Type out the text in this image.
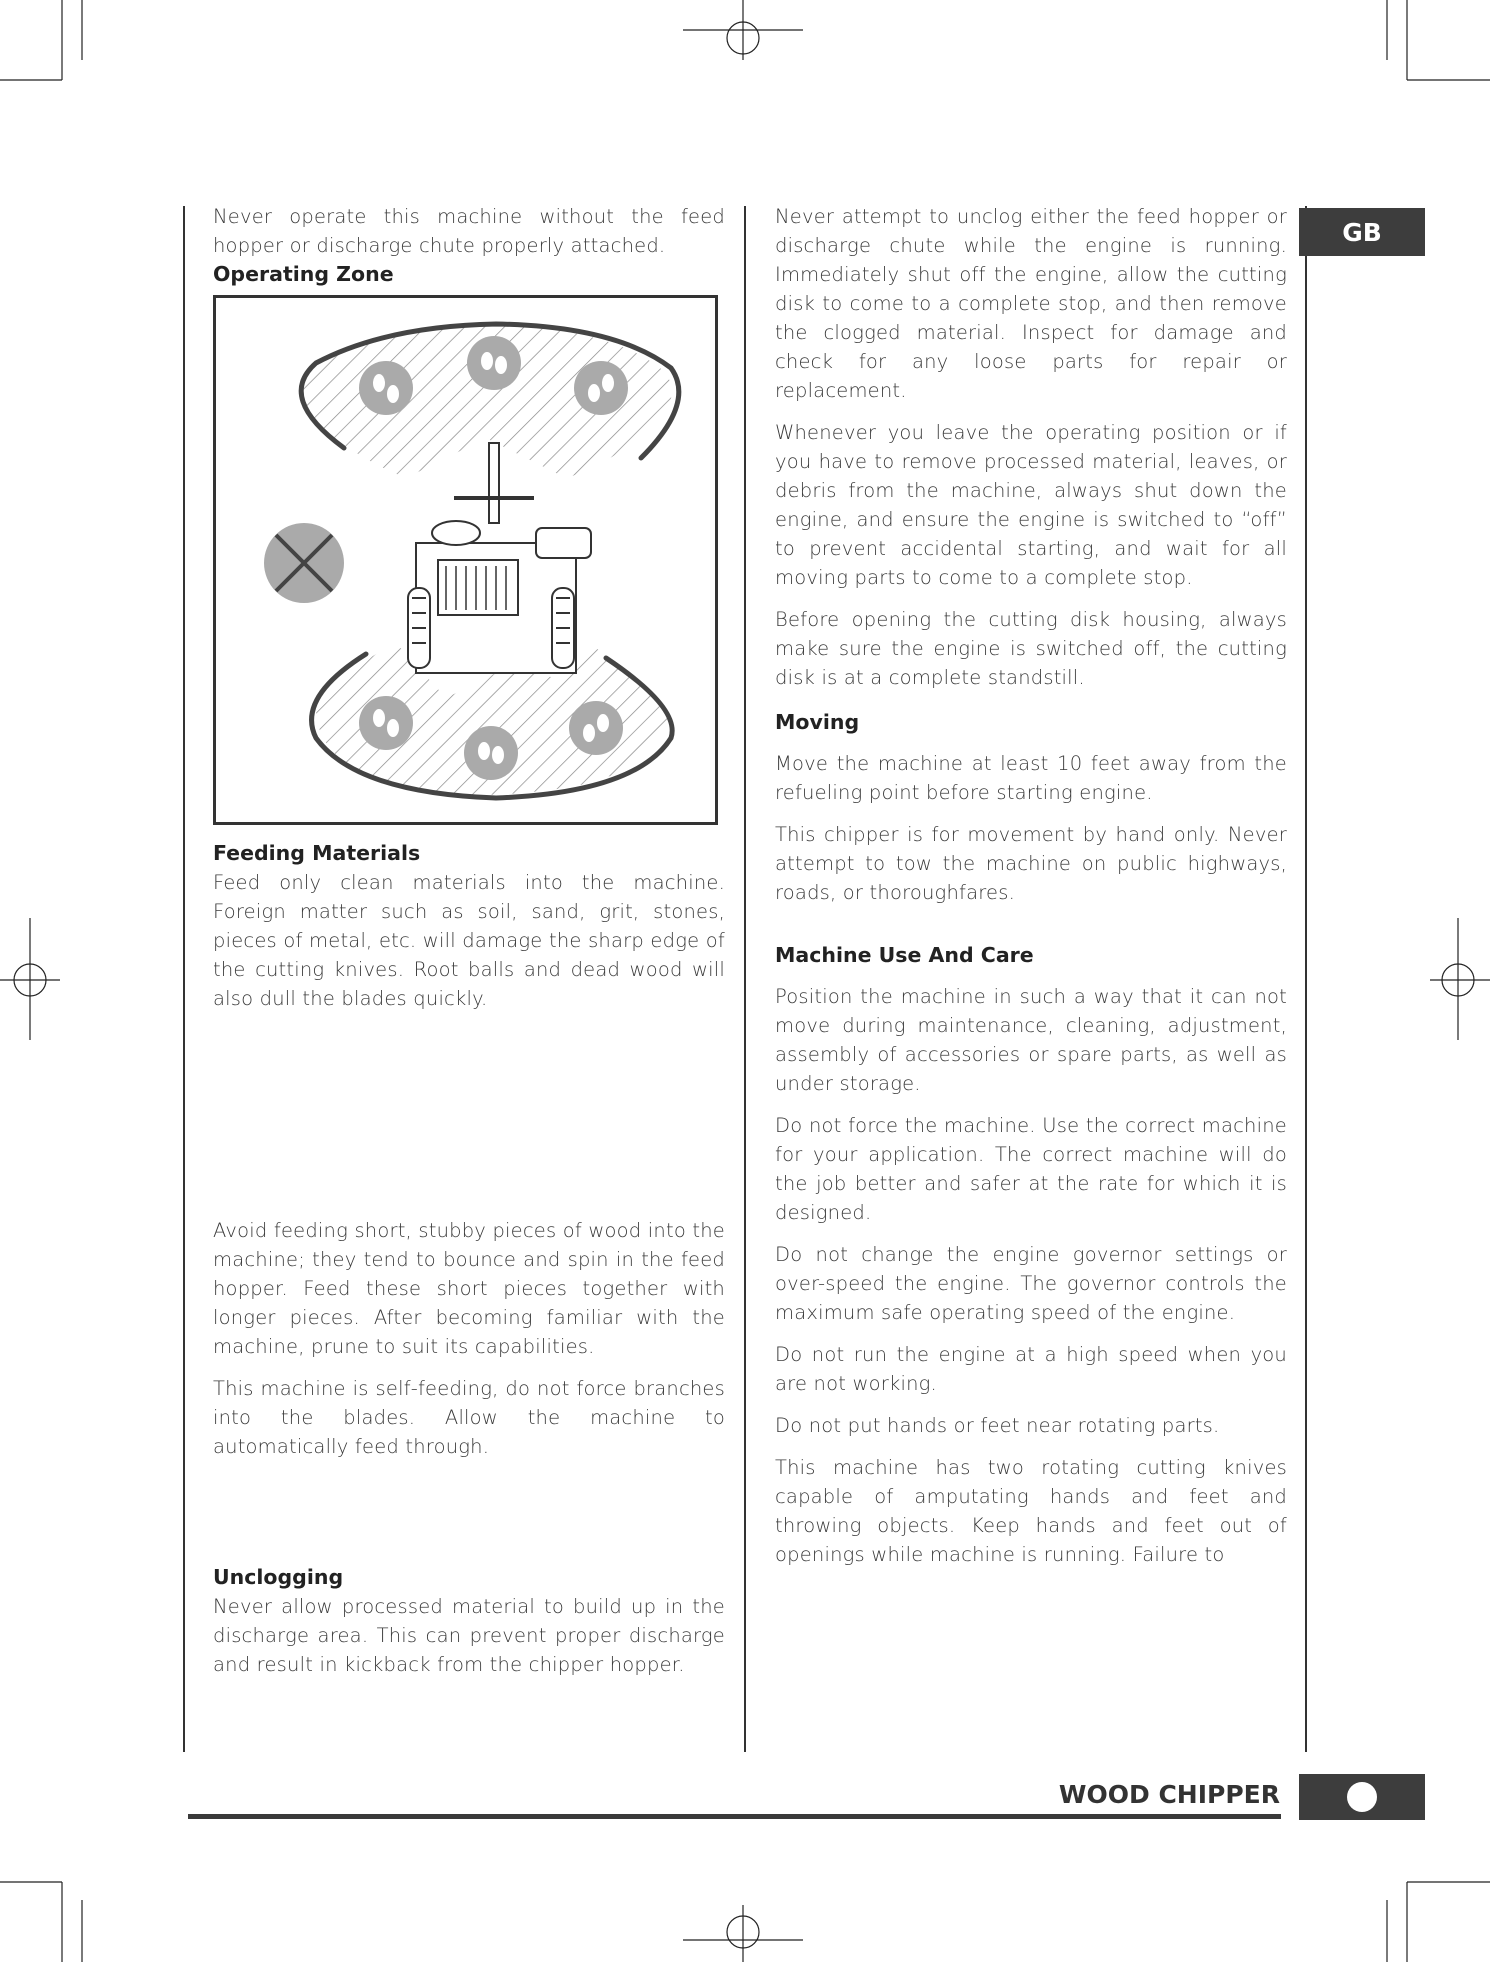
GB

Never operate this machine without the feed hopper or discharge chute properly attached.

Operating Zone
Feeding Materials

Feed only clean materials into the machine. Foreign matter such as soil, sand, grit, stones, pieces of metal, etc. will damage the sharp edge of the cutting knives. Root balls and dead wood will also dull the blades quickly.

Avoid feeding short, stubby pieces of wood into the machine; they tend to bounce and spin in the feed hopper. Feed these short pieces together with longer pieces. After becoming familiar with the machine, prune to suit its capabilities.

This machine is self-feeding, do not force branches into the blades. Allow the machine to automatically feed through.

Unclogging

Never allow processed material to build up in the discharge area. This can prevent proper discharge and result in kickback from the chipper hopper.

Never attempt to unclog either the feed hopper or discharge chute while the engine is running. Immediately shut off the engine, allow the cutting disk to come to a complete stop, and then remove the clogged material. Inspect for damage and check for any loose parts for repair or replacement.

Whenever you leave the operating position or if you have to remove processed material, leaves, or debris from the machine, always shut down the engine, and ensure the engine is switched to “off” to prevent accidental starting, and wait for all moving parts to come to a complete stop.

Before opening the cutting disk housing, always make sure the engine is switched off, the cutting disk is at a complete standstill.

Moving

Move the machine at least 10 feet away from the refueling point before starting engine.

This chipper is for movement by hand only. Never attempt to tow the machine on public highways, roads, or thoroughfares.

Machine Use And Care

Position the machine in such a way that it can not move during maintenance, cleaning, adjustment, assembly of accessories or spare parts, as well as under storage.

Do not force the machine. Use the correct machine for your application. The correct machine will do the job better and safer at the rate for which it is designed.

Do not change the engine governor settings or over-speed the engine. The governor controls the maximum safe operating speed of the engine.

Do not run the engine at a high speed when you are not working.

Do not put hands or feet near rotating parts.

This machine has two rotating cutting knives capable of amputating hands and feet and throwing objects. Keep hands and feet out of openings while machine is running. Failure to

WOOD CHIPPER
